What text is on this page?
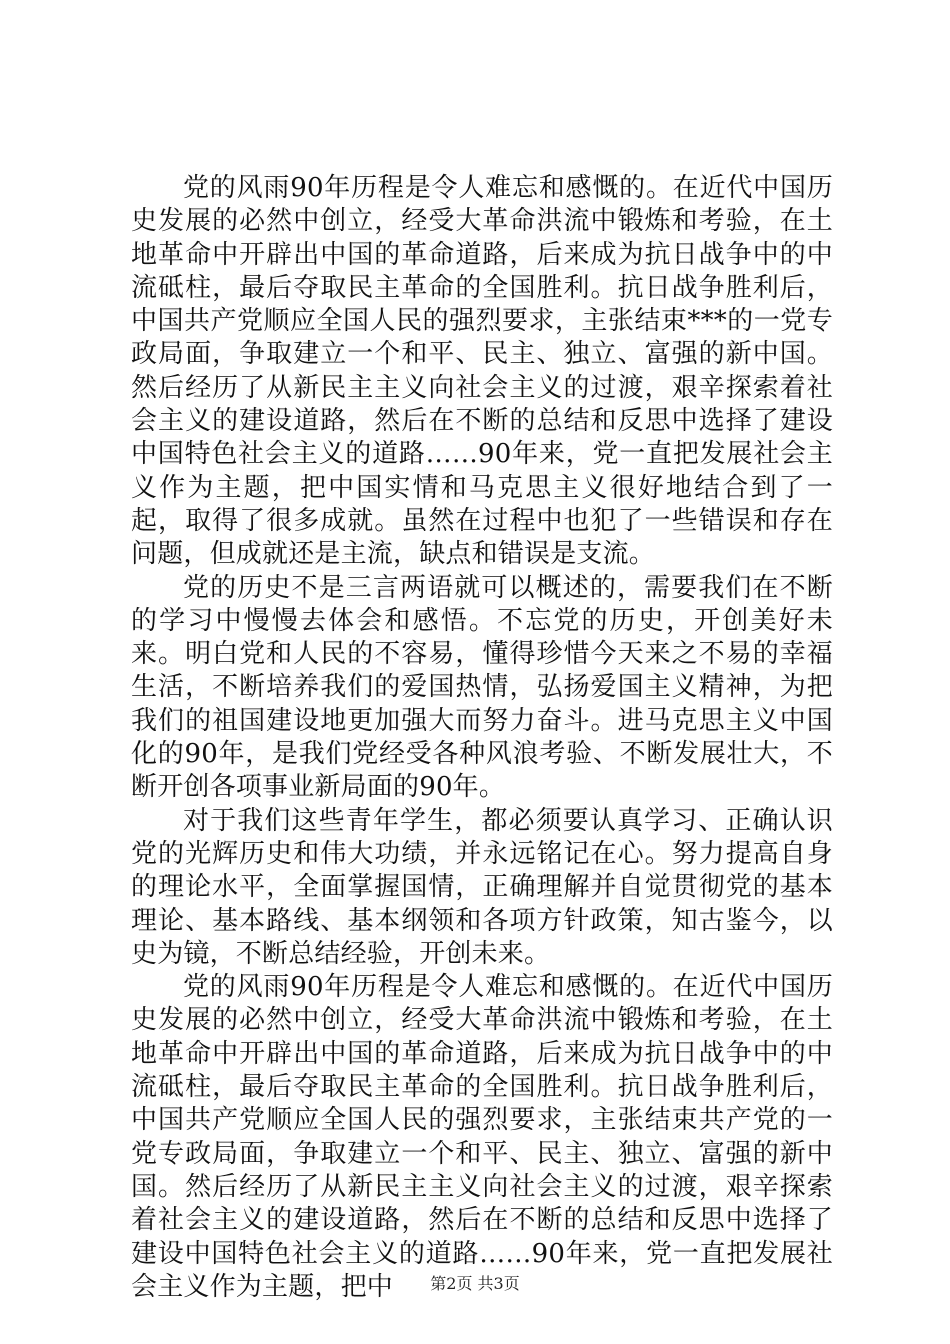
党的风雨90年历程是令人难忘和感慨的。在近代中国历史发展的必然中创立，经受大革命洪流中锻炼和考验，在土地革命中开辟出中国的革命道路，后来成为抗日战争中的中流砥柱，最后夺取民主革命的全国胜利。抗日战争胜利后，中国共产党顺应全国人民的强烈要求，主张结束***的一党专政局面，争取建立一个和平、民主、独立、富强的新中国。然后经历了从新民主主义向社会主义的过渡，艰辛探索着社会主义的建设道路，然后在不断的总结和反思中选择了建设中国特色社会主义的道路……90年来，党一直把发展社会主义作为主题，把中国实情和马克思主义很好地结合到了一起，取得了很多成就。虽然在过程中也犯了一些错误和存在问题，但成就还是主流，缺点和错误是支流。

党的历史不是三言两语就可以概述的，需要我们在不断的学习中慢慢去体会和感悟。不忘党的历史，开创美好未来。明白党和人民的不容易，懂得珍惜今天来之不易的幸福生活，不断培养我们的爱国热情，弘扬爱国主义精神，为把我们的祖国建设地更加强大而努力奋斗。进马克思主义中国化的90年，是我们党经受各种风浪考验、不断发展壮大，不断开创各项事业新局面的90年。

对于我们这些青年学生，都必须要认真学习、正确认识党的光辉历史和伟大功绩，并永远铭记在心。努力提高自身的理论水平，全面掌握国情，正确理解并自觉贯彻党的基本理论、基本路线、基本纲领和各项方针政策，知古鉴今，以史为镜，不断总结经验，开创未来。

党的风雨90年历程是令人难忘和感慨的。在近代中国历史发展的必然中创立，经受大革命洪流中锻炼和考验，在土地革命中开辟出中国的革命道路，后来成为抗日战争中的中流砥柱，最后夺取民主革命的全国胜利。抗日战争胜利后，中国共产党顺应全国人民的强烈要求，主张结束共产党的一党专政局面，争取建立一个和平、民主、独立、富强的新中国。然后经历了从新民主主义向社会主义的过渡，艰辛探索着社会主义的建设道路，然后在不断的总结和反思中选择了建设中国特色社会主义的道路……90年来，党一直把发展社会主义作为主题，把中	第2页 共3页
